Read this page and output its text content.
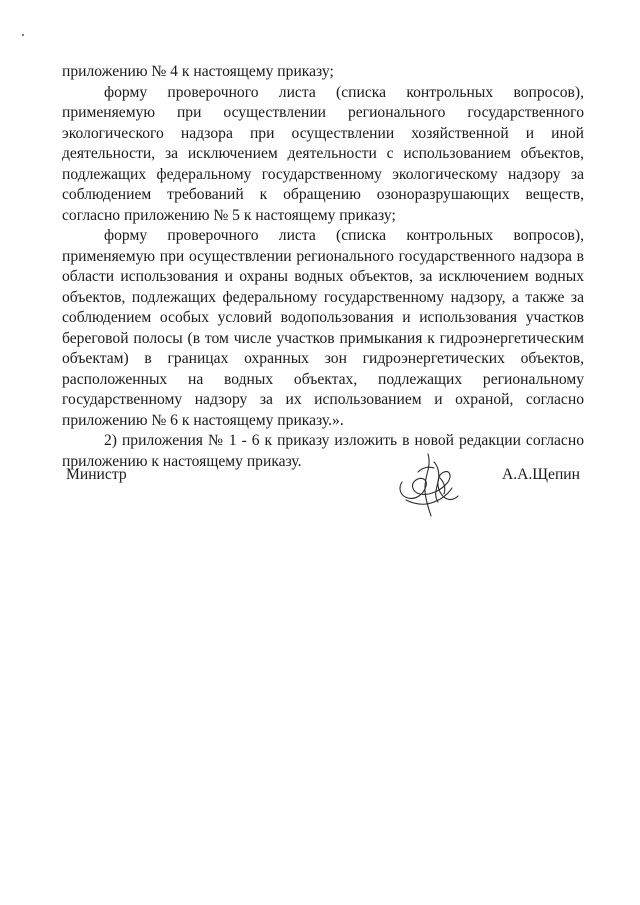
приложению № 4 к настоящему приказу;

форму проверочного листа (списка контрольных вопросов), применяемую при осуществлении регионального государственного экологического надзора при осуществлении хозяйственной и иной деятельности, за исключением деятельности с использованием объектов, подлежащих федеральному государственному экологическому надзору за соблюдением требований к обращению озоноразрушающих веществ, согласно приложению № 5 к настоящему приказу;

форму проверочного листа (списка контрольных вопросов), применяемую при осуществлении регионального государственного надзора в области использования и охраны водных объектов, за исключением водных объектов, подлежащих федеральному государственному надзору, а также за соблюдением особых условий водопользования и использования участков береговой полосы (в том числе участков примыкания к гидроэнергетическим объектам) в границах охранных зон гидроэнергетических объектов, расположенных на водных объектах, подлежащих региональному государственному надзору за их использованием и охраной, согласно приложению № 6 к настоящему приказу.».

2) приложения № 1 - 6 к приказу изложить в новой редакции согласно приложению к настоящему приказу.

Министр	А.А.Щепин
